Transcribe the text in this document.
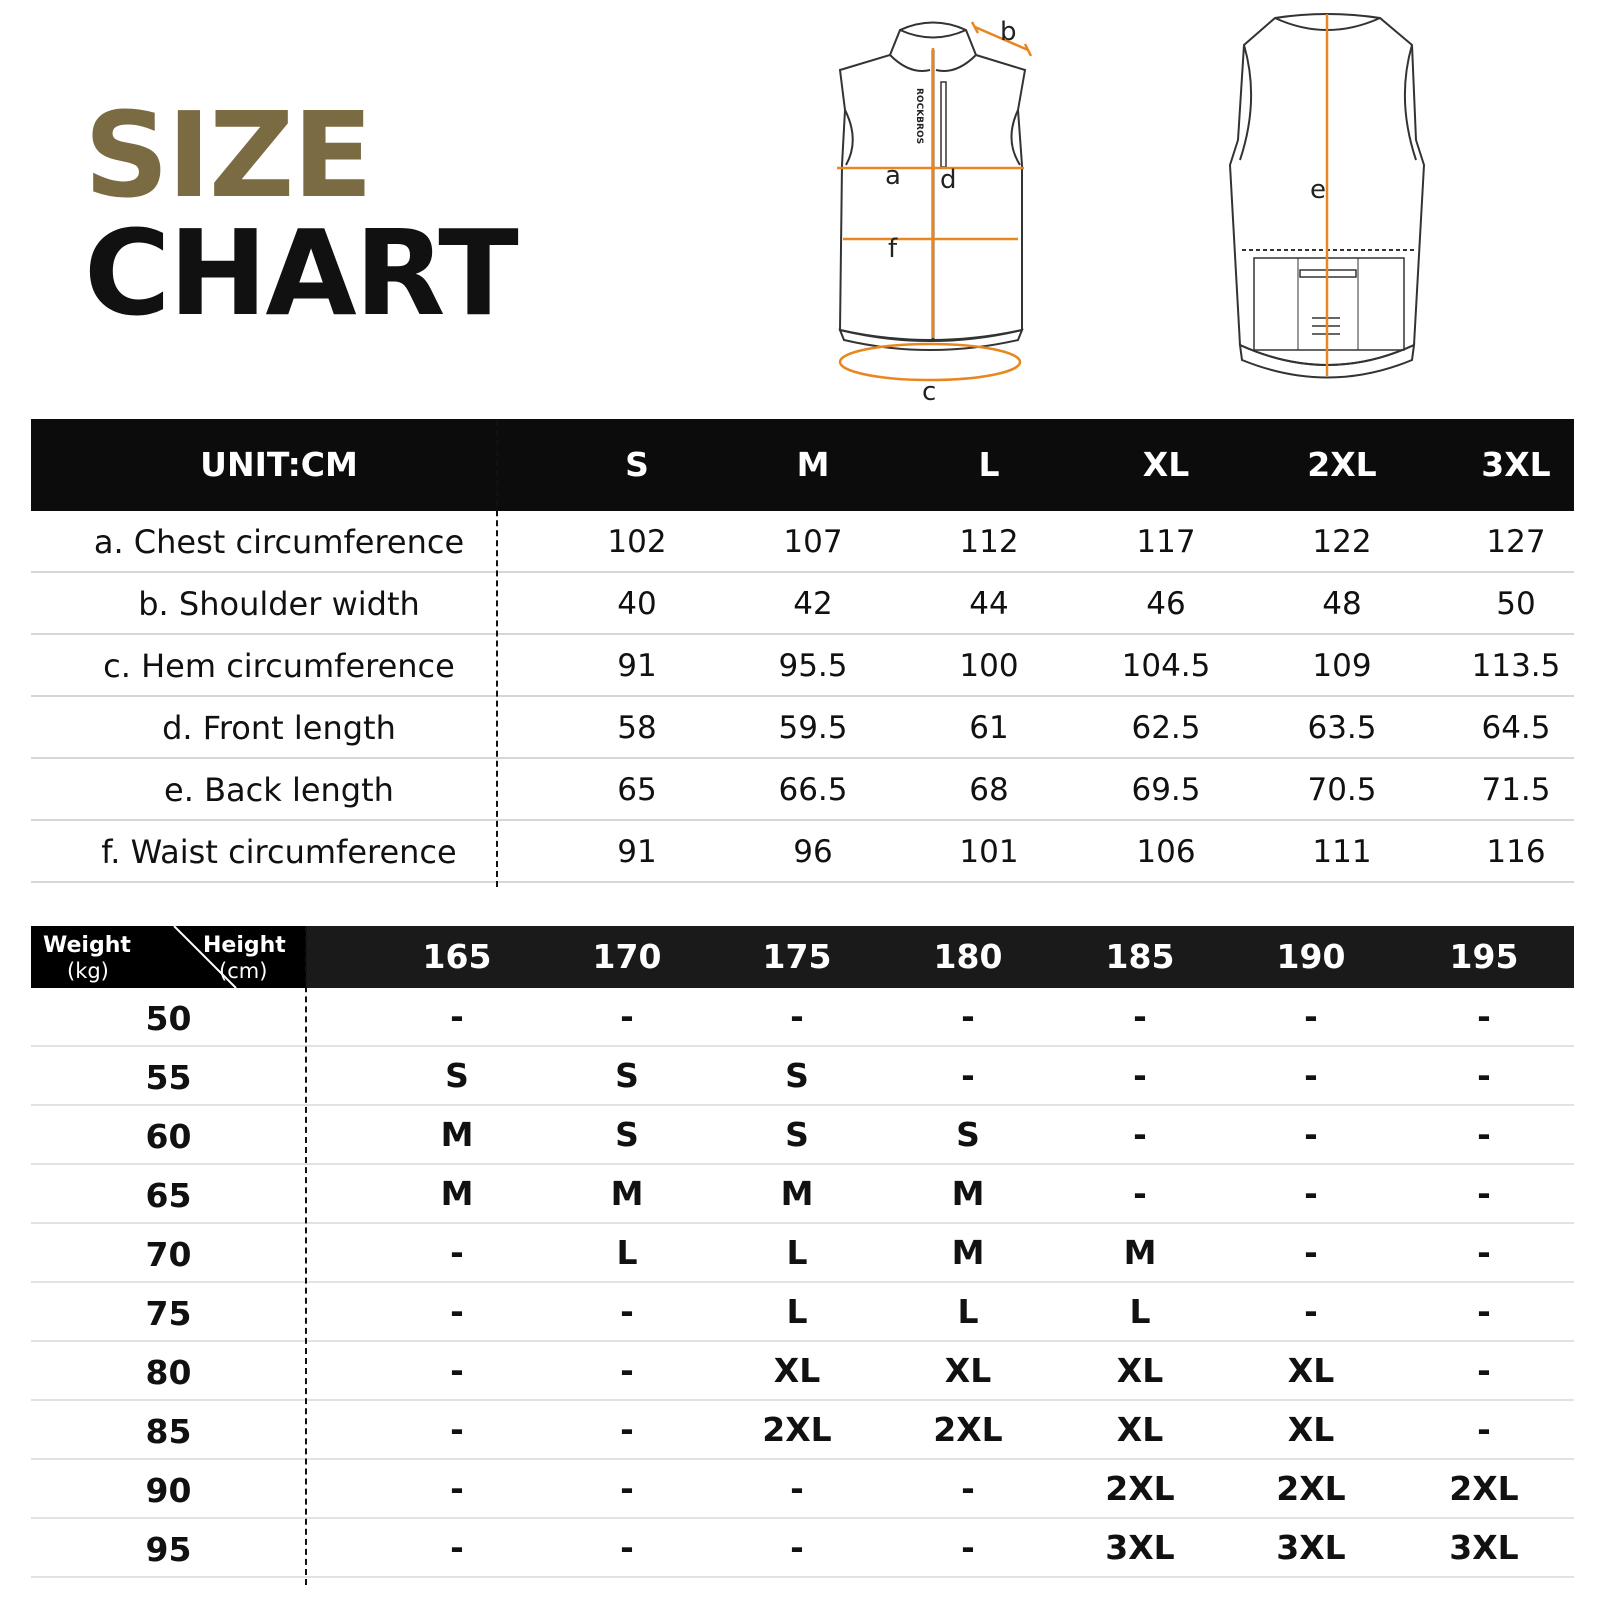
SIZE
CHART
ROCKBROS
a d
f
b
c
e
UNIT:CM	S	M	L	XL	2XL	3XL
a. Chest circumference	102	107	112	117	122	127
b. Shoulder width	40	42	44	46	48	50
c. Hem circumference	91	95.5	100	104.5	109	113.5
d. Front length	58	59.5	61	62.5	63.5	64.5
e. Back length	65	66.5	68	69.5	70.5	71.5
f. Waist circumference	91	96	101	106	111	116
Weight
(kg)
Height
(cm)	165	170	175	180	185	190	195
50	-	-	-	-	-	-	-
55	S	S	S	-	-	-	-
60	M	S	S	S	-	-	-
65	M	M	M	M	-	-	-
70	-	L	L	M	M	-	-
75	-	-	L	L	L	-	-
80	-	-	XL	XL	XL	XL	-
85	-	-	2XL	2XL	XL	XL	-
90	-	-	-	-	2XL	2XL	2XL
95	-	-	-	-	3XL	3XL	3XL
